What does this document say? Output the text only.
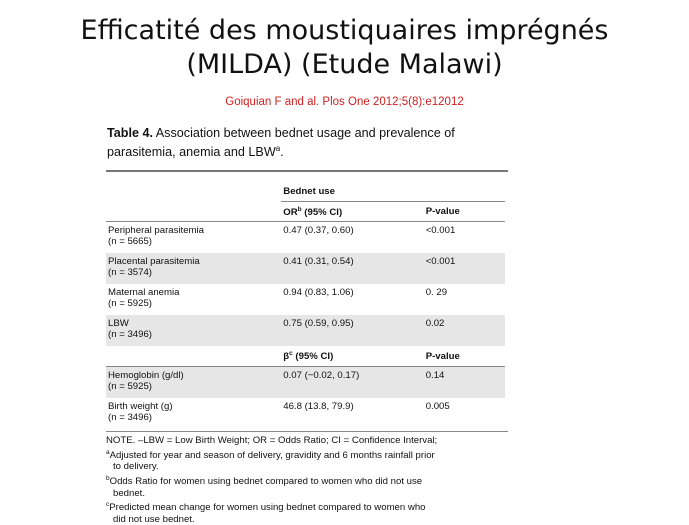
Efficatité des moustiquaires imprégnés
(MILDA) (Etude Malawi)
Goiquian F and al. Plos One 2012;5(8):e12012
Table 4. Association between bednet usage and prevalence of parasitemia, anemia and LBW$^a$.
	Bednet use	
	$OR^b$ (95% CI)	P-value

Peripheral parasitemia
(n = 5665)	0.47 (0.37, 0.60)	<0.001

Placental parasitemia
(n = 3574)	0.41 (0.31, 0.54)	<0.001

Maternal anemia
(n = 5925)	0.94 (0.83, 1.06)	0. 29

LBW
(n = 3496)	0.75 (0.59, 0.95)	0.02
	$\beta^c$ (95% CI)	P-value

Hemoglobin (g/dl)
(n = 5925)	0.07 (−0.02, 0.17)	0.14

Birth weight (g)
(n = 3496)	46.8 (13.8, 79.9)	0.005
NOTE. –LBW = Low Birth Weight; OR = Odds Ratio; CI = Confidence Interval;
$^a$Adjusted for year and season of delivery, gravidity and 6 months rainfall prior
to delivery.
$^b$Odds Ratio for women using bednet compared to women who did not use
bednet.
$^c$Predicted mean change for women using bednet compared to women who
did not use bednet.
